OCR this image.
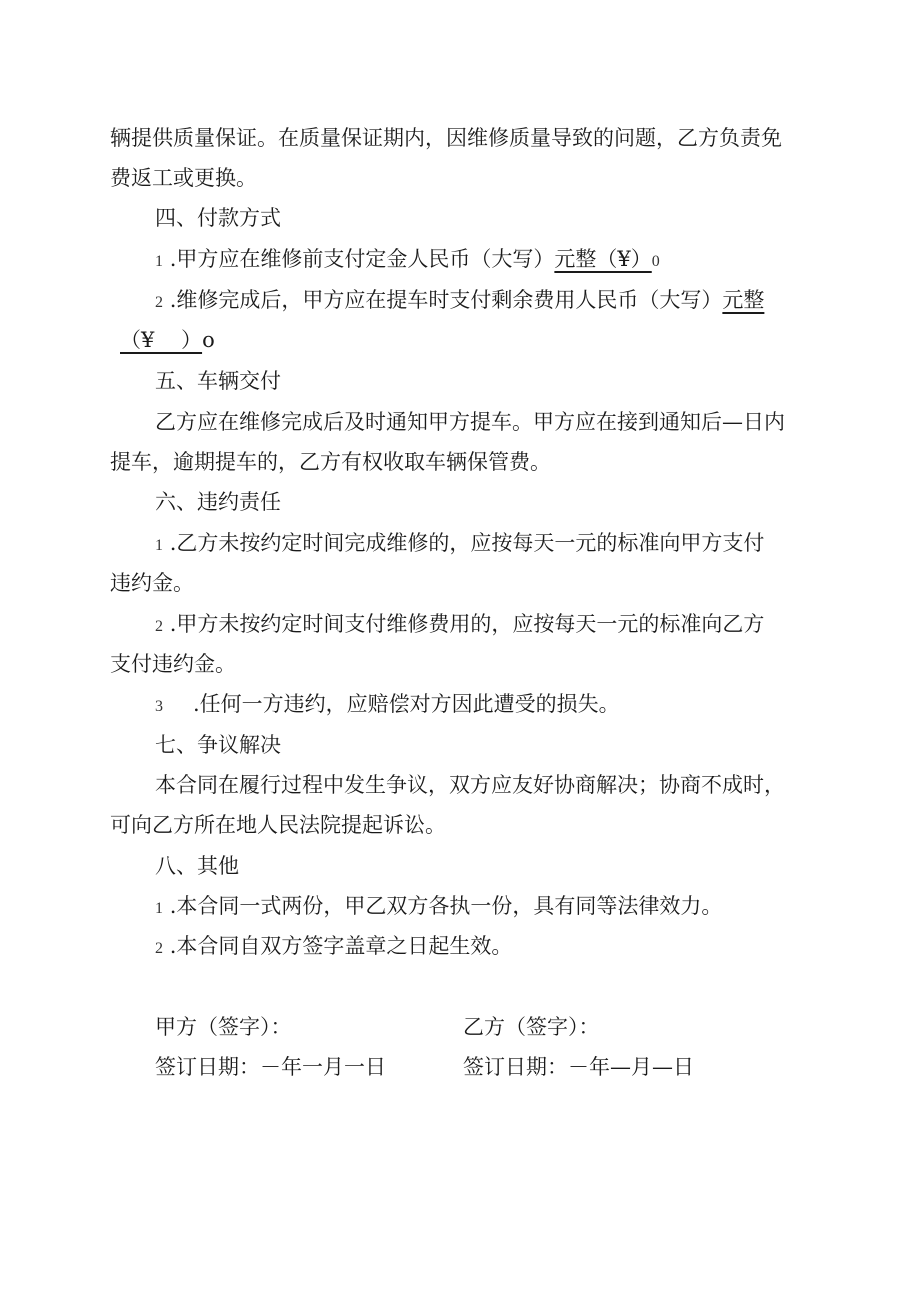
辆提供质量保证。在质量保证期内，因维修质量导致的问题，乙方负责免
费返工或更换。
四、付款方式
1 .甲方应在维修前支付定金人民币（大写）元整（¥）0
2 .维修完成后，甲方应在提车时支付剩余费用人民币（大写）元整
（¥    ）o
五、车辆交付
乙方应在维修完成后及时通知甲方提车。甲方应在接到通知后—日内
提车，逾期提车的，乙方有权收取车辆保管费。
六、违约责任
1 .乙方未按约定时间完成维修的，应按每天一元的标准向甲方支付
违约金。
2 .甲方未按约定时间支付维修费用的，应按每天一元的标准向乙方
支付违约金。
3 .任何一方违约，应赔偿对方因此遭受的损失。
七、争议解决
本合同在履行过程中发生争议，双方应友好协商解决；协商不成时，
可向乙方所在地人民法院提起诉讼。
八、其他
1 .本合同一式两份，甲乙双方各执一份，具有同等法律效力。
2 .本合同自双方签字盖章之日起生效。
甲方（签字）：	乙方（签字）：
签订日期：－年一月一日	签订日期：－年—月—日
